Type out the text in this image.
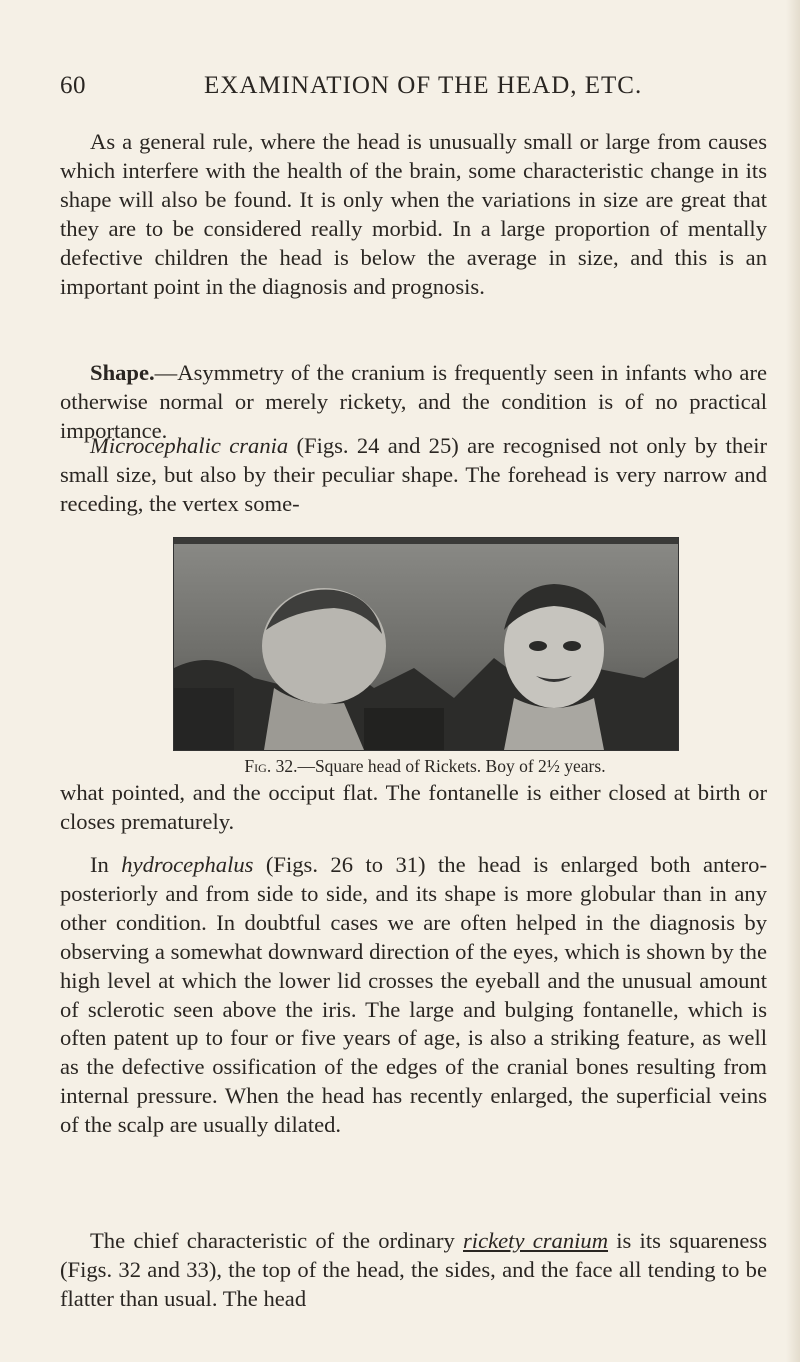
60	EXAMINATION OF THE HEAD, ETC.

As a general rule, where the head is unusually small or large from causes which interfere with the health of the brain, some characteristic change in its shape will also be found. It is only when the variations in size are great that they are to be considered really morbid. In a large proportion of mentally defective children the head is below the average in size, and this is an important point in the diagnosis and prognosis.

Shape.—Asymmetry of the cranium is frequently seen in infants who are otherwise normal or merely rickety, and the condition is of no practical importance.

Microcephalic crania (Figs. 24 and 25) are recognised not only by their small size, but also by their peculiar shape. The forehead is very narrow and receding, the vertex some-

Fig. 32.—Square head of Rickets. Boy of 2½ years.

what pointed, and the occiput flat. The fontanelle is either closed at birth or closes prematurely.

In hydrocephalus (Figs. 26 to 31) the head is enlarged both antero-posteriorly and from side to side, and its shape is more globular than in any other condition. In doubtful cases we are often helped in the diagnosis by observing a somewhat downward direction of the eyes, which is shown by the high level at which the lower lid crosses the eyeball and the unusual amount of sclerotic seen above the iris. The large and bulging fontanelle, which is often patent up to four or five years of age, is also a striking feature, as well as the defective ossification of the edges of the cranial bones resulting from internal pressure. When the head has recently enlarged, the superficial veins of the scalp are usually dilated.

The chief characteristic of the ordinary rickety cranium is its squareness (Figs. 32 and 33), the top of the head, the sides, and the face all tending to be flatter than usual. The head
